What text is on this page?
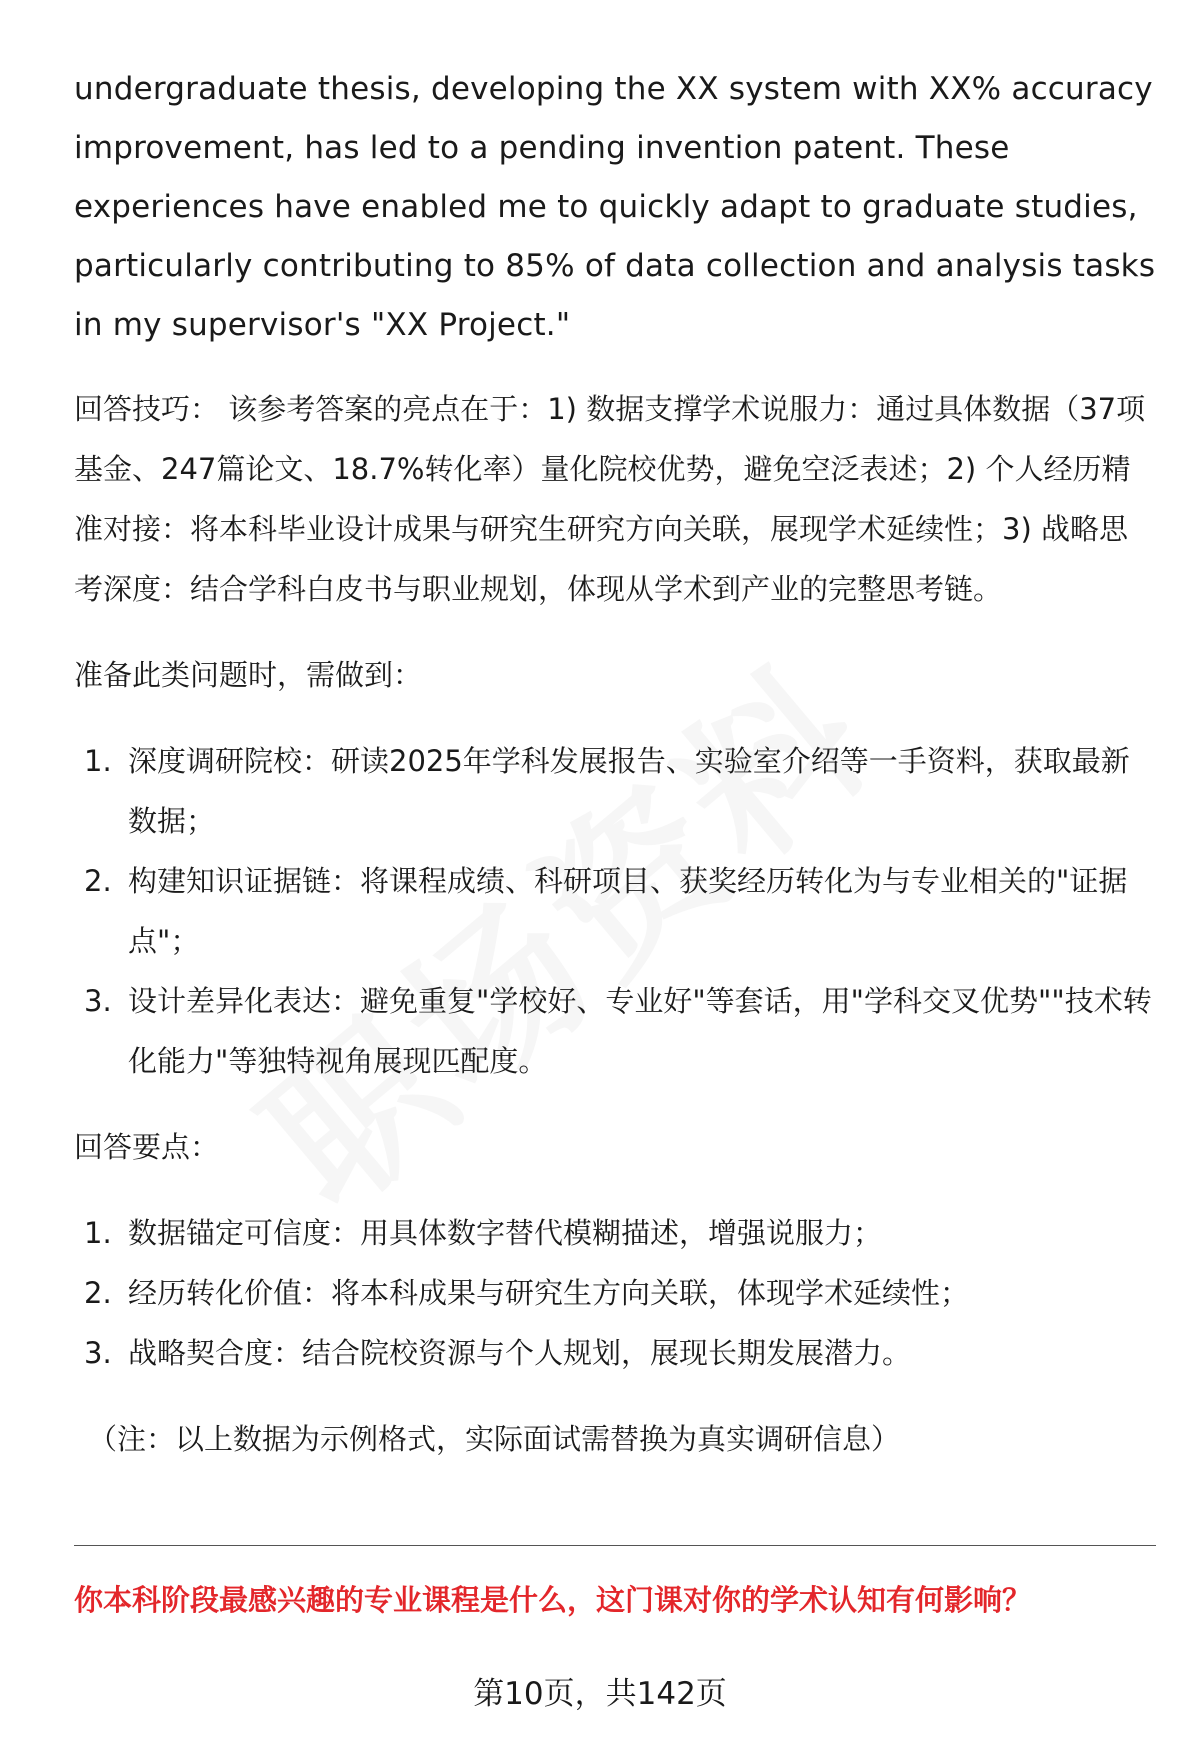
undergraduate thesis, developing the XX system with XX% accuracy improvement, has led to a pending invention patent. These experiences have enabled me to quickly adapt to graduate studies, particularly contributing to 85% of data collection and analysis tasks in my supervisor's "XX Project."

回答技巧： 该参考答案的亮点在于：1) 数据支撑学术说服力：通过具体数据（37项基金、247篇论文、18.7%转化率）量化院校优势，避免空泛表述；2) 个人经历精准对接：将本科毕业设计成果与研究生研究方向关联，展现学术延续性；3) 战略思考深度：结合学科白皮书与职业规划，体现从学术到产业的完整思考链。

准备此类问题时，需做到：

1. 深度调研院校：研读2025年学科发展报告、实验室介绍等一手资料，获取最新数据；
2. 构建知识证据链：将课程成绩、科研项目、获奖经历转化为与专业相关的"证据点"；
3. 设计差异化表达：避免重复"学校好、专业好"等套话，用"学科交叉优势""技术转化能力"等独特视角展现匹配度。

回答要点：

1. 数据锚定可信度：用具体数字替代模糊描述，增强说服力；
2. 经历转化价值：将本科成果与研究生方向关联，体现学术延续性；
3. 战略契合度：结合院校资源与个人规划，展现长期发展潜力。

（注：以上数据为示例格式，实际面试需替换为真实调研信息）

你本科阶段最感兴趣的专业课程是什么，这门课对你的学术认知有何影响？
第10页，共142页
